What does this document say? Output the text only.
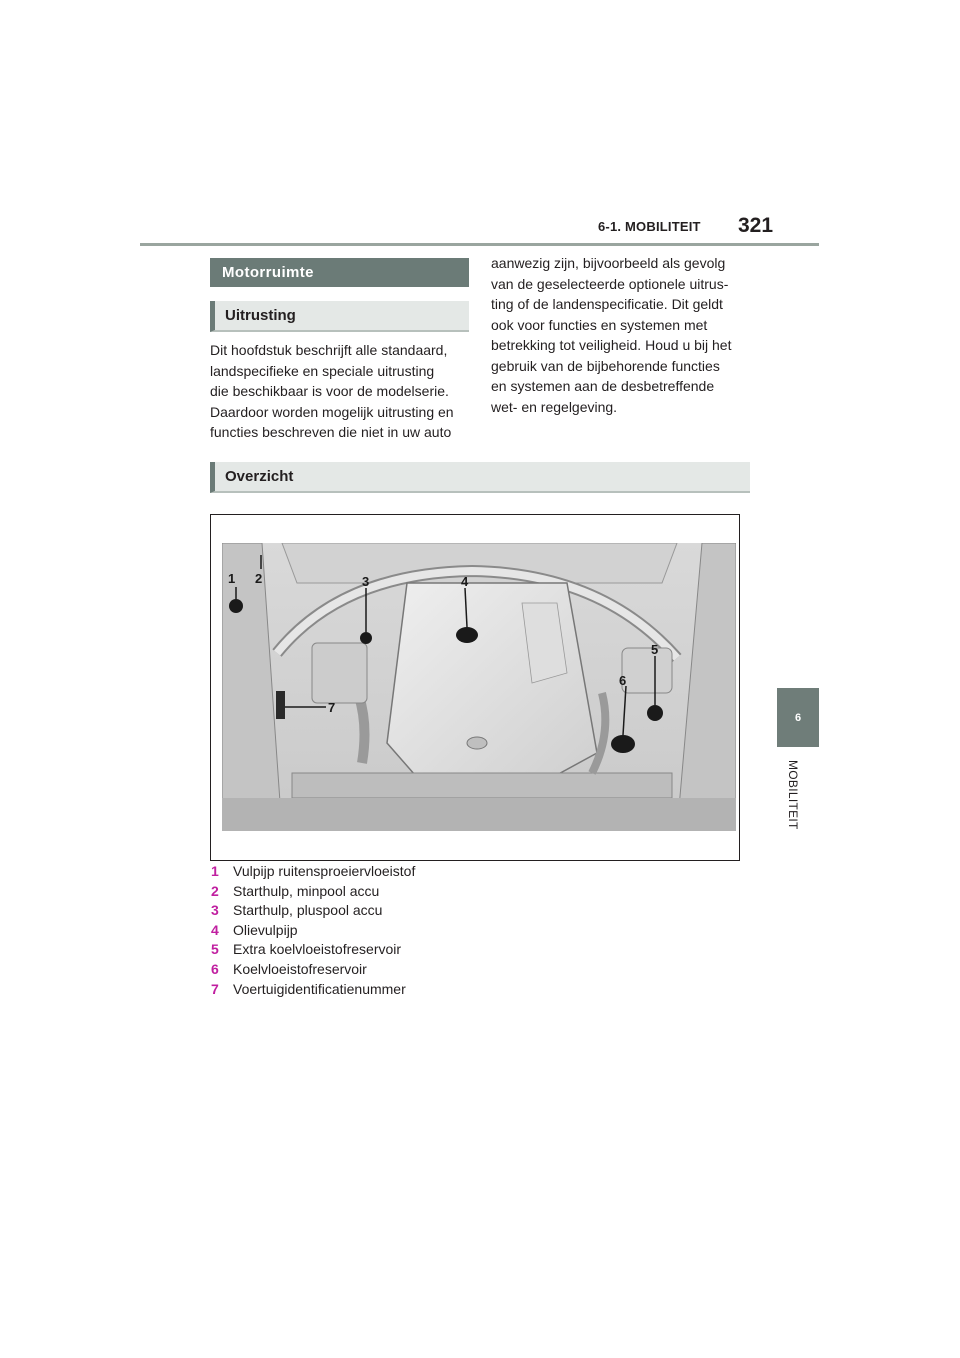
6-1. MOBILITEIT 321
6
MOBILITEIT
Motorruimte
Uitrusting
Overzicht
Dit hoofdstuk beschrijft alle standaard,
landspecifieke en speciale uitrusting
die beschikbaar is voor de modelserie.
Daardoor worden mogelijk uitrusting en
functies beschreven die niet in uw auto
aanwezig zijn, bijvoorbeeld als gevolg
van de geselecteerde optionele uitrus-
ting of de landenspecificatie. Dit geldt
ook voor functies en systemen met
betrekking tot veiligheid. Houd u bij het
gebruik van de bijbehorende functies
en systemen aan de desbetreffende
wet- en regelgeving.
1 2	3	4
5
6
7
1 Vulpijp ruitensproeiervloeistof
2 Starthulp, minpool accu
3 Starthulp, pluspool accu
4 Olievulpijp
5 Extra koelvloeistofreservoir
6 Koelvloeistofreservoir
7 Voertuigidentificatienummer
